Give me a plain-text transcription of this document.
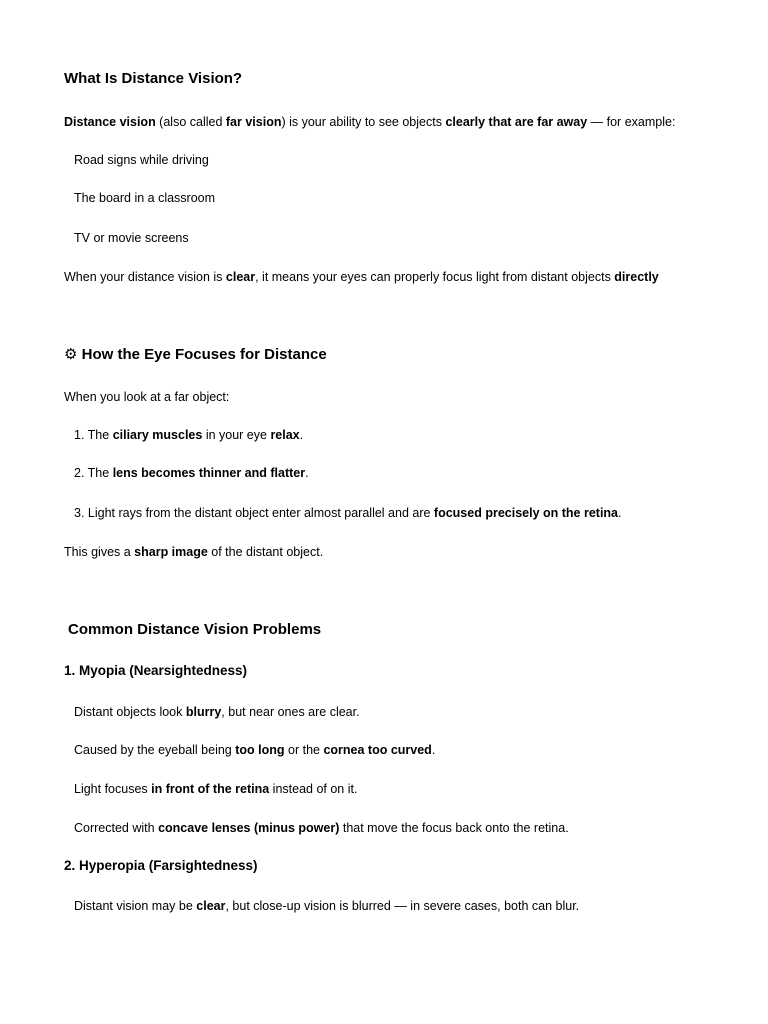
What Is Distance Vision?
Distance vision (also called far vision) is your ability to see objects clearly that are far away — for example:
Road signs while driving
The board in a classroom
TV or movie screens
When your distance vision is clear, it means your eyes can properly focus light from distant objects directly
⚙ How the Eye Focuses for Distance
When you look at a far object:
1. The ciliary muscles in your eye relax.
2. The lens becomes thinner and flatter.
3. Light rays from the distant object enter almost parallel and are focused precisely on the retina.
This gives a sharp image of the distant object.
Common Distance Vision Problems
1. Myopia (Nearsightedness)
Distant objects look blurry, but near ones are clear.
Caused by the eyeball being too long or the cornea too curved.
Light focuses in front of the retina instead of on it.
Corrected with concave lenses (minus power) that move the focus back onto the retina.
2. Hyperopia (Farsightedness)
Distant vision may be clear, but close-up vision is blurred — in severe cases, both can blur.
